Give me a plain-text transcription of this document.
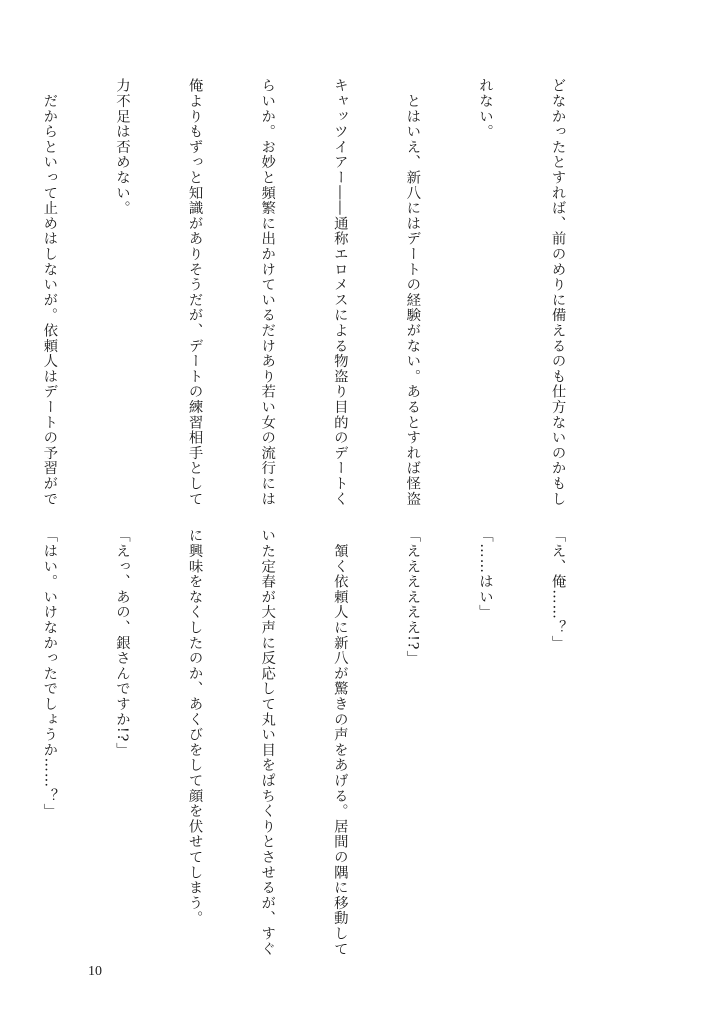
どなかったとすれば、前のめりに備えるのも仕方ないのかもし

れない。

　とはいえ、新八にはデートの経験がない。あるとすれば怪盗

キャッツイアー――通称エロメスによる物盗り目的のデートく

らいか。お妙と頻繁に出かけているだけあり若い女の流行には

俺よりもずっと知識がありそうだが、デートの練習相手として

力不足は否めない。

　だからといって止めはしないが。依頼人はデートの予習がで

「え、俺……？」

「……はい」

「ええええええ!?」

　頷く依頼人に新八が驚きの声をあげる。居間の隅に移動して

いた定春が大声に反応して丸い目をぱちくりとさせるが、すぐ

に興味をなくしたのか、あくびをして顔を伏せてしまう。

「えっ、あの、銀さんですか!?」

「はい。いけなかったでしょうか……？」

10
